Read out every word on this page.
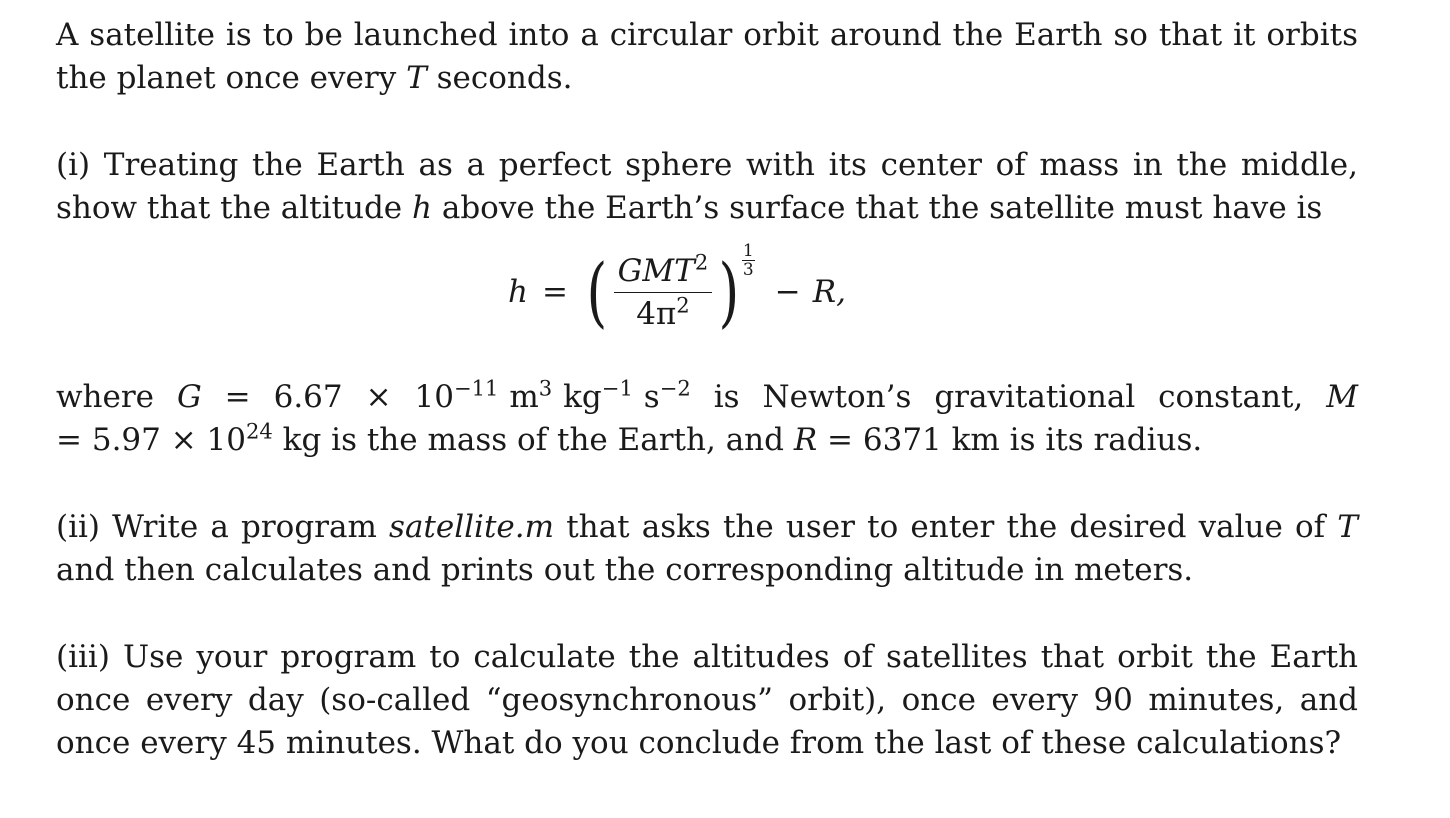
A satellite is to be launched into a circular orbit around the Earth so that it orbits the planet once every T seconds.

(i) Treating the Earth as a perfect sphere with its center of mass in the middle, show that the altitude h above the Earth’s surface that the satellite must have is

h = ( $\frac{GMT^2}{4\pi^2}$ ) $\frac{1}{3}$
− R,

where $G = 6.67 \times 10^{-11}$ $m^3$ $kg^{-1}$ $s^{-2}$ is Newton’s gravitational constant, $M = 5.97 \times 10^{24}$ kg is the mass of the Earth, and R = 6371 km is its radius.

(ii) Write a program satellite.m that asks the user to enter the desired value of T and then calculates and prints out the corresponding altitude in meters.

(iii) Use your program to calculate the altitudes of satellites that orbit the Earth once every day (so-called “geosynchronous” orbit), once every 90 minutes, and once every 45 minutes. What do you conclude from the last of these calculations?
